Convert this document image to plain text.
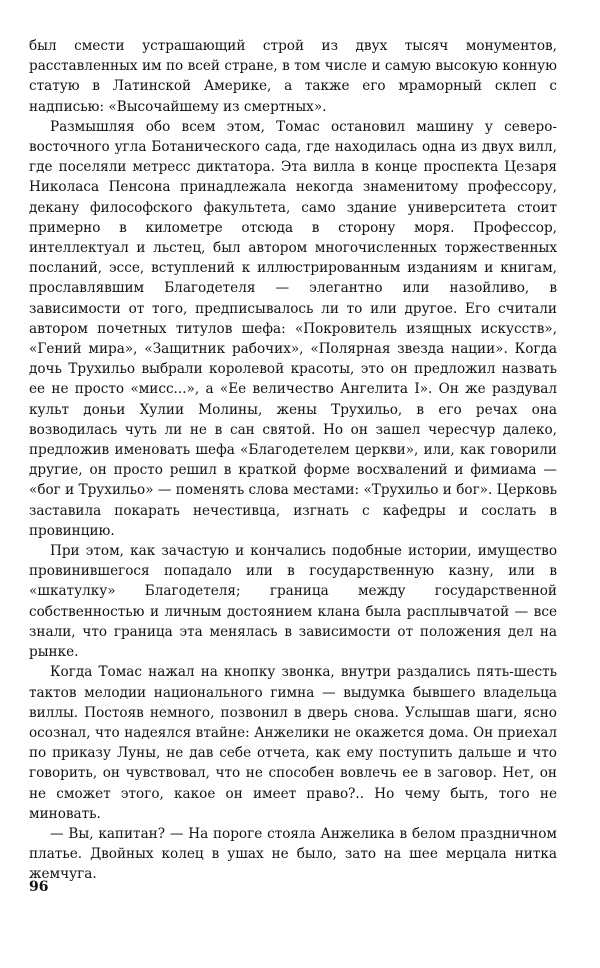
был смести устрашающий строй из двух тысяч монументов, расставленных им по всей стране, в том числе и самую высокую конную статую в Латинской Америке, а также его мраморный склеп с надписью: «Высочайшему из смертных».

Размышляя обо всем этом, Томас остановил машину у северо-восточного угла Ботанического сада, где находилась одна из двух вилл, где поселяли метресс диктатора. Эта вилла в конце проспекта Цезаря Николаса Пенсона принадлежала некогда знаменитому профессору, декану философского факультета, само здание университета стоит примерно в километре отсюда в сторону моря. Профессор, интеллектуал и льстец, был автором многочисленных торжественных посланий, эссе, вступлений к иллюстрированным изданиям и книгам, прославлявшим Благодетеля — элегантно или назойливо, в зависимости от того, предписывалось ли то или другое. Его считали автором почетных титулов шефа: «Покровитель изящных искусств», «Гений мира», «Защитник рабочих», «Полярная звезда нации». Когда дочь Трухильо выбрали королевой красоты, это он предложил назвать ее не просто «мисс...», а «Ее величество Ангелита I». Он же раздувал культ доньи Хулии Молины, жены Трухильо, в его речах она возводилась чуть ли не в сан святой. Но он зашел чересчур далеко, предложив именовать шефа «Благодетелем церкви», или, как говорили другие, он просто решил в краткой форме восхвалений и фимиама — «бог и Трухильо» — поменять слова местами: «Трухильо и бог». Церковь заставила покарать нечестивца, изгнать с кафедры и сослать в провинцию.

При этом, как зачастую и кончались подобные истории, имущество провинившегося попадало или в государственную казну, или в «шкатулку» Благодетеля; граница между государственной собственностью и личным достоянием клана была расплывчатой — все знали, что граница эта менялась в зависимости от положения дел на рынке.

Когда Томас нажал на кнопку звонка, внутри раздались пять-шесть тактов мелодии национального гимна — выдумка бывшего владельца виллы. Постояв немного, позвонил в дверь снова. Услышав шаги, ясно осознал, что надеялся втайне: Анжелики не окажется дома. Он приехал по приказу Луны, не дав себе отчета, как ему поступить дальше и что говорить, он чувствовал, что не способен вовлечь ее в заговор. Нет, он не сможет этого, какое он имеет право?.. Но чему быть, того не миновать.

— Вы, капитан? — На пороге стояла Анжелика в белом праздничном платье. Двойных колец в ушах не было, зато на шее мерцала нитка жемчуга.

96
